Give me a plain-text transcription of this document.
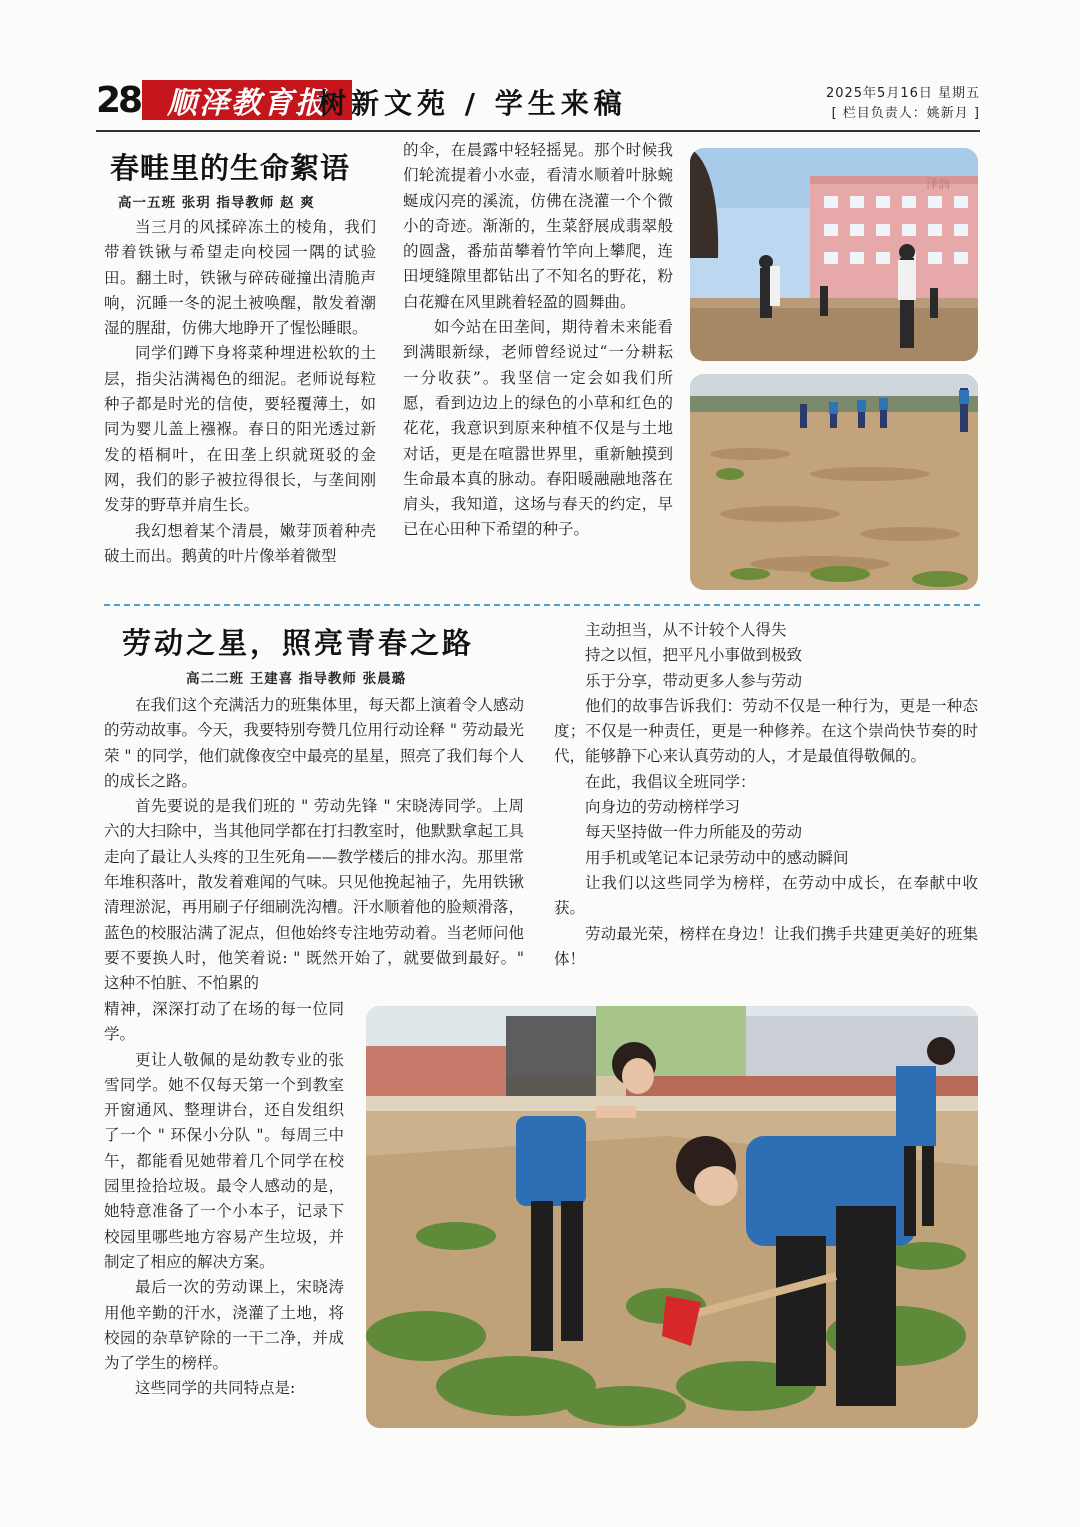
28 顺泽教育报
树新文苑 / 学生来稿	2025年5月16日 星期五
[ 栏目负责人：姚新月 ]
春畦里的生命絮语
高一五班 张玥 指导教师 赵 爽

当三月的风揉碎冻土的棱角，我们带着铁锹与希望走向校园一隅的试验田。翻土时，铁锹与碎砖碰撞出清脆声响，沉睡一冬的泥土被唤醒，散发着潮湿的腥甜，仿佛大地睁开了惺忪睡眼。

同学们蹲下身将菜种埋进松软的土层，指尖沾满褐色的细泥。老师说每粒种子都是时光的信使，要轻覆薄土，如同为婴儿盖上襁褓。春日的阳光透过新发的梧桐叶，在田垄上织就斑驳的金网，我们的影子被拉得很长，与垄间刚发芽的野草并肩生长。

我幻想着某个清晨，嫩芽顶着种壳破土而出。鹅黄的叶片像举着微型

的伞，在晨露中轻轻摇晃。那个时候我们轮流提着小水壶，看清水顺着叶脉蜿蜒成闪亮的溪流，仿佛在浇灌一个个微小的奇迹。渐渐的，生菜舒展成翡翠般的圆盏，番茄苗攀着竹竿向上攀爬，连田埂缝隙里都钻出了不知名的野花，粉白花瓣在风里跳着轻盈的圆舞曲。

如今站在田垄间，期待着未来能看到满眼新绿，老师曾经说过“一分耕耘一分收获”。我坚信一定会如我们所愿，看到边边上的绿色的小草和红色的花花，我意识到原来种植不仅是与土地对话，更是在喧嚣世界里，重新触摸到生命最本真的脉动。春阳暖融融地落在肩头，我知道，这场与春天的约定，早已在心田种下希望的种子。

泽润
劳动之星，照亮青春之路
高二二班 王建喜 指导教师 张晨璐

在我们这个充满活力的班集体里，每天都上演着令人感动的劳动故事。今天，我要特别夸赞几位用行动诠释 " 劳动最光荣 " 的同学，他们就像夜空中最亮的星星，照亮了我们每个人的成长之路。

首先要说的是我们班的 " 劳动先锋 " 宋晓涛同学。上周六的大扫除中，当其他同学都在打扫教室时，他默默拿起工具走向了最让人头疼的卫生死角——教学楼后的排水沟。那里常年堆积落叶，散发着难闻的气味。只见他挽起袖子，先用铁锹清理淤泥，再用刷子仔细刷洗沟槽。汗水顺着他的脸颊滑落，蓝色的校服沾满了泥点，但他始终专注地劳动着。当老师问他要不要换人时，他笑着说: " 既然开始了，就要做到最好。" 这种不怕脏、不怕累的

精神，深深打动了在场的每一位同学。

更让人敬佩的是幼教专业的张雪同学。她不仅每天第一个到教室开窗通风、整理讲台，还自发组织了一个 " 环保小分队 "。每周三中午，都能看见她带着几个同学在校园里捡拾垃圾。最令人感动的是，她特意准备了一个小本子，记录下校园里哪些地方容易产生垃圾，并制定了相应的解决方案。

最后一次的劳动课上，宋晓涛用他辛勤的汗水，浇灌了土地，将校园的杂草铲除的一干二净，并成为了学生的榜样。

这些同学的共同特点是:

主动担当，从不计较个人得失

持之以恒，把平凡小事做到极致

乐于分享，带动更多人参与劳动

他们的故事告诉我们：劳动不仅是一种行为，更是一种态度；不仅是一种责任，更是一种修养。在这个崇尚快节奏的时代，能够静下心来认真劳动的人，才是最值得敬佩的。

在此，我倡议全班同学：

向身边的劳动榜样学习

每天坚持做一件力所能及的劳动

用手机或笔记本记录劳动中的感动瞬间

让我们以这些同学为榜样，在劳动中成长，在奉献中收获。

劳动最光荣，榜样在身边！让我们携手共建更美好的班集体！
